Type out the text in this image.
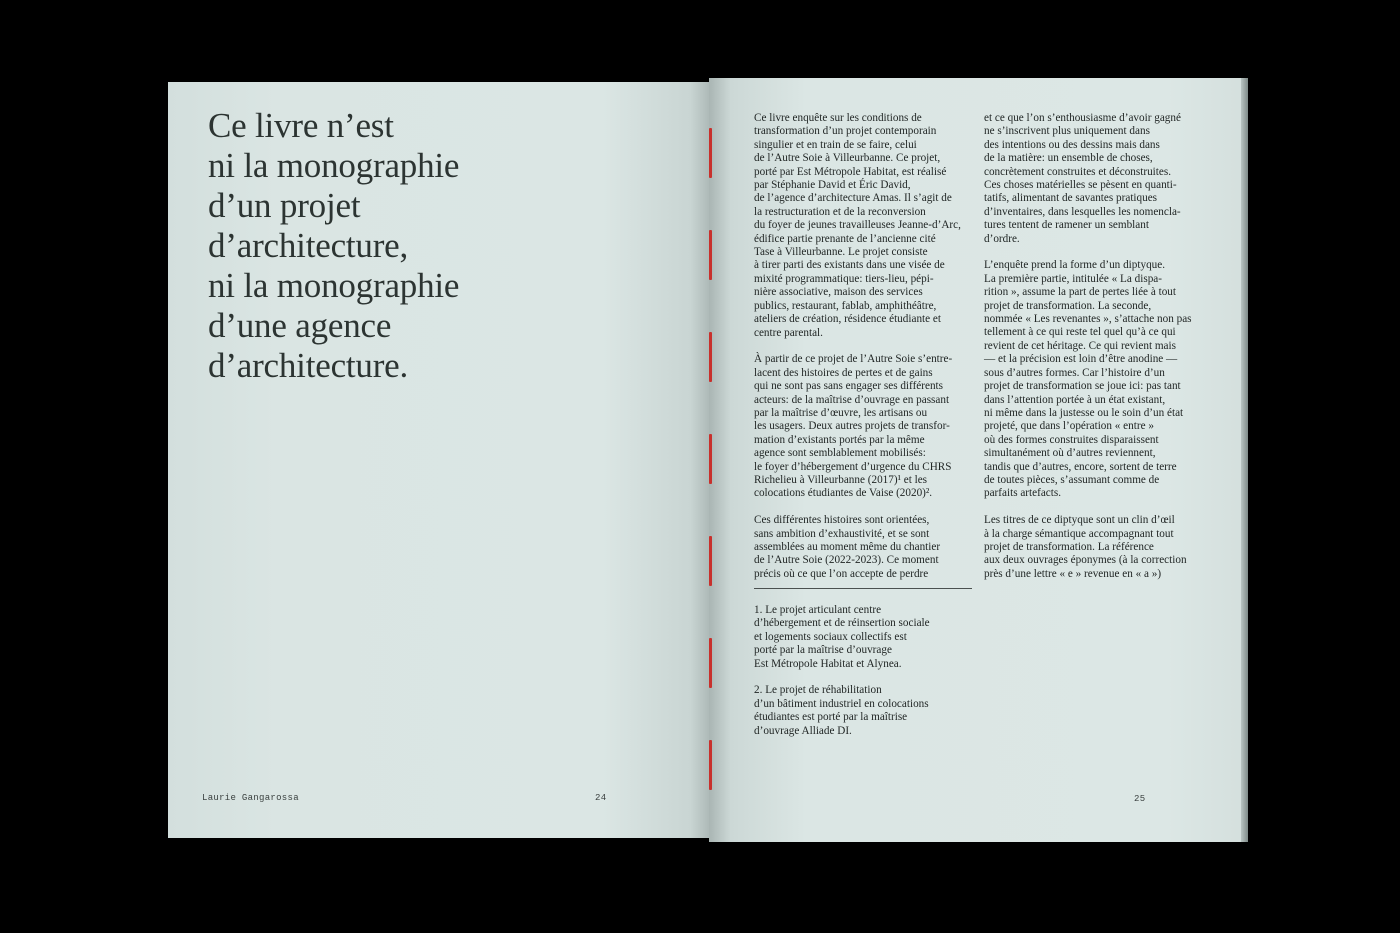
Ce livre n’est
ni la monographie
d’un projet
d’architecture,
ni la monographie
d’une agence
d’architecture.
Laurie Gangarossa	24

Ce livre enquête sur les conditions de
transformation d’un projet contemporain
singulier et en train de se faire, celui
de l’Autre Soie à Villeurbanne. Ce projet,
porté par Est Métropole Habitat, est réalisé
par Stéphanie David et Éric David,
de l’agence d’architecture Amas. Il s’agit de
la restructuration et de la reconversion
du foyer de jeunes travailleuses Jeanne-d’Arc,
édifice partie prenante de l’ancienne cité
Tase à Villeurbanne. Le projet consiste
à tirer parti des existants dans une visée de
mixité programmatique: tiers-lieu, pépi-
nière associative, maison des services
publics, restaurant, fablab, amphithéâtre,
ateliers de création, résidence étudiante et
centre parental.

À partir de ce projet de l’Autre Soie s’entre-
lacent des histoires de pertes et de gains
qui ne sont pas sans engager ses différents
acteurs: de la maîtrise d’ouvrage en passant
par la maîtrise d’œuvre, les artisans ou
les usagers. Deux autres projets de transfor-
mation d’existants portés par la même
agence sont semblablement mobilisés:
le foyer d’hébergement d’urgence du CHRS
Richelieu à Villeurbanne (2017)¹ et les
colocations étudiantes de Vaise (2020)².

Ces différentes histoires sont orientées,
sans ambition d’exhaustivité, et se sont
assemblées au moment même du chantier
de l’Autre Soie (2022-2023). Ce moment
précis où ce que l’on accepte de perdre

1. Le projet articulant centre
d’hébergement et de réinsertion sociale
et logements sociaux collectifs est
porté par la maîtrise d’ouvrage
Est Métropole Habitat et Alynea.

2. Le projet de réhabilitation
d’un bâtiment industriel en colocations
étudiantes est porté par la maîtrise
d’ouvrage Alliade DI.

et ce que l’on s’enthousiasme d’avoir gagné
ne s’inscrivent plus uniquement dans
des intentions ou des dessins mais dans
de la matière: un ensemble de choses,
concrètement construites et déconstruites.
Ces choses matérielles se pèsent en quanti-
tatifs, alimentant de savantes pratiques
d’inventaires, dans lesquelles les nomencla-
tures tentent de ramener un semblant
d’ordre.

L’enquête prend la forme d’un diptyque.
La première partie, intitulée « La dispa-
rition », assume la part de pertes liée à tout
projet de transformation. La seconde,
nommée « Les revenantes », s’attache non pas
tellement à ce qui reste tel quel qu’à ce qui
revient de cet héritage. Ce qui revient mais
— et la précision est loin d’être anodine —
sous d’autres formes. Car l’histoire d’un
projet de transformation se joue ici: pas tant
dans l’attention portée à un état existant,
ni même dans la justesse ou le soin d’un état
projeté, que dans l’opération « entre »
où des formes construites disparaissent
simultanément où d’autres reviennent,
tandis que d’autres, encore, sortent de terre
de toutes pièces, s’assumant comme de
parfaits artefacts.

Les titres de ce diptyque sont un clin d’œil
à la charge sémantique accompagnant tout
projet de transformation. La référence
aux deux ouvrages éponymes (à la correction
près d’une lettre « e » revenue en « a »)

25
